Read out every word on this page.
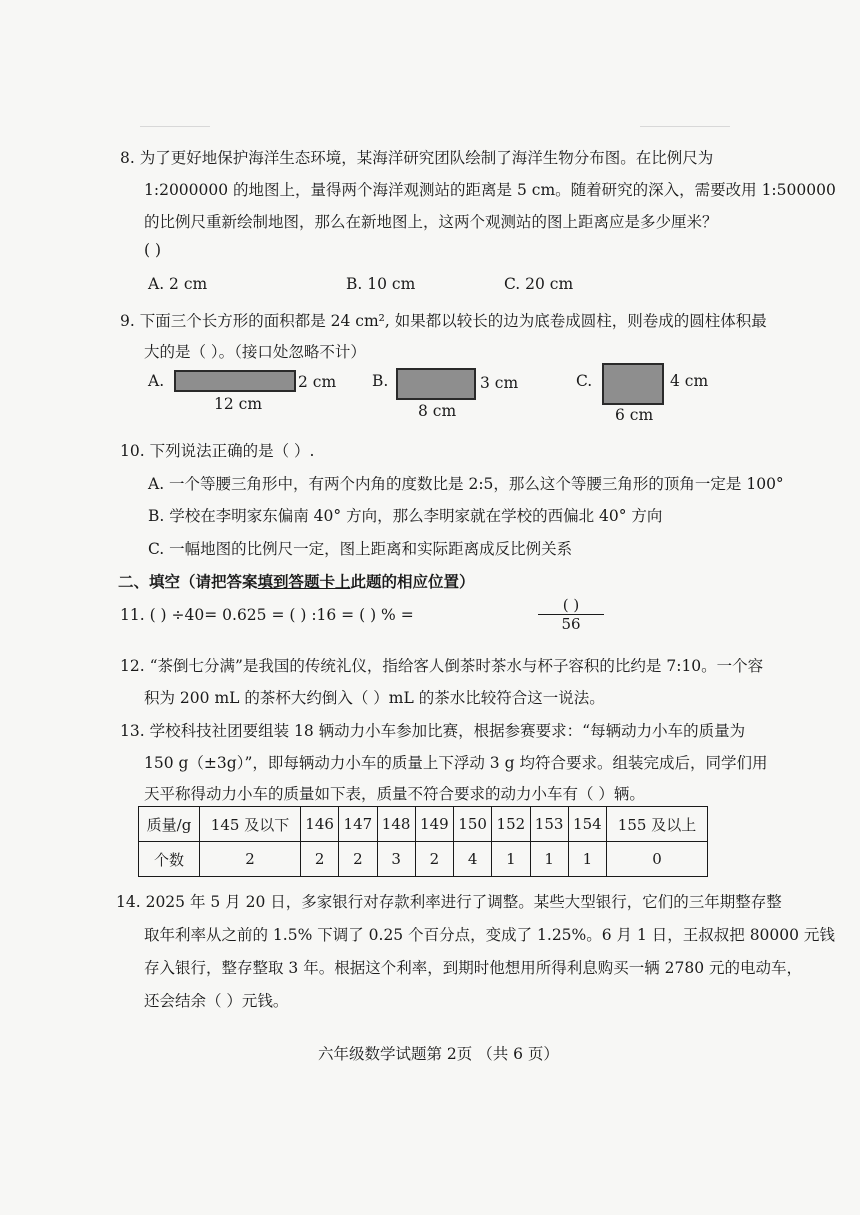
8. 为了更好地保护海洋生态环境，某海洋研究团队绘制了海洋生物分布图。在比例尺为
1:2000000 的地图上，量得两个海洋观测站的距离是 5 cm。随着研究的深入，需要改用 1:500000
的比例尺重新绘制地图，那么在新地图上，这两个观测站的图上距离应是多少厘米？
( )
A. 2 cm	B. 10 cm	C. 20 cm
9. 下面三个长方形的面积都是 24 cm², 如果都以较长的边为底卷成圆柱，则卷成的圆柱体积最
大的是（ ）。（接口处忽略不计）
A.	2 cm
12 cm
B.	3 cm
8 cm
C.	4 cm
6 cm
10. 下列说法正确的是（ ）.
A. 一个等腰三角形中，有两个内角的度数比是 2:5，那么这个等腰三角形的顶角一定是 100°
B. 学校在李明家东偏南 40° 方向，那么李明家就在学校的西偏北 40° 方向
C. 一幅地图的比例尺一定，图上距离和实际距离成反比例关系
二、填空（请把答案填到答题卡上此题的相应位置）
11. ( ) ÷40= 0.625 = ( ) :16 = ( ) % =
( )
56
12. “茶倒七分满”是我国的传统礼仪，指给客人倒茶时茶水与杯子容积的比约是 7:10。一个容
积为 200 mL 的茶杯大约倒入（ ）mL 的茶水比较符合这一说法。
13. 学校科技社团要组装 18 辆动力小车参加比赛，根据参赛要求：“每辆动力小车的质量为
150 g（±3g）”，即每辆动力小车的质量上下浮动 3 g 均符合要求。组装完成后，同学们用
天平称得动力小车的质量如下表，质量不符合要求的动力小车有（ ）辆。
质量/g	145 及以下	146	147	148	149	150	152	153	154	155 及以上
个数	2	2	2	3	2	4	1	1	1	0
14. 2025 年 5 月 20 日，多家银行对存款利率进行了调整。某些大型银行，它们的三年期整存整
取年利率从之前的 1.5% 下调了 0.25 个百分点，变成了 1.25%。6 月 1 日，王叔叔把 80000 元钱
存入银行，整存整取 3 年。根据这个利率，到期时他想用所得利息购买一辆 2780 元的电动车，
还会结余（ ）元钱。
六年级数学试题第 2页 （共 6 页）
